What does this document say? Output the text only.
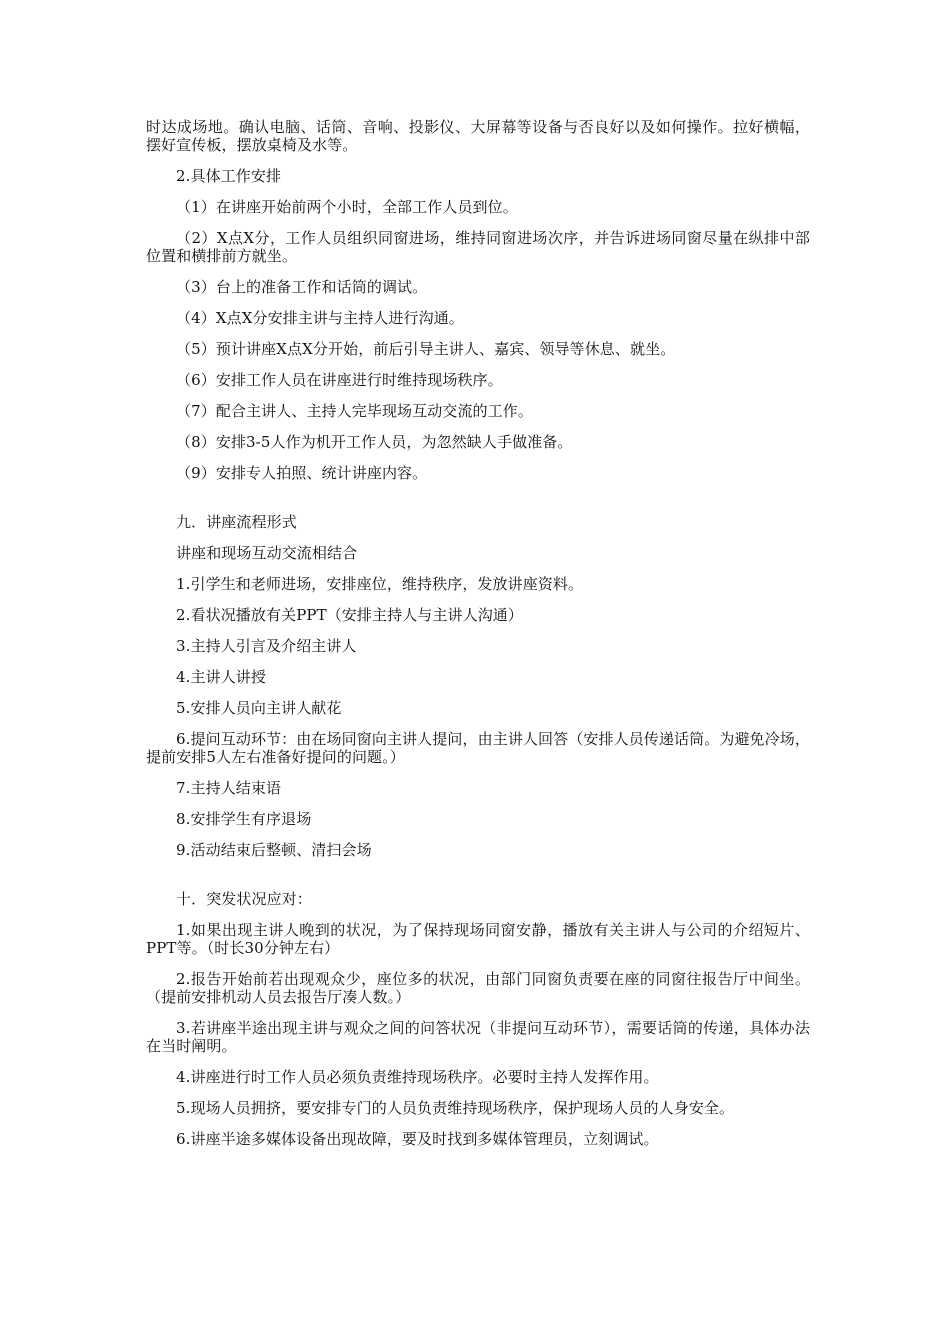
时达成场地。确认电脑、话筒、音响、投影仪、大屏幕等设备与否良好以及如何操作。拉好横幅，摆好宣传板，摆放桌椅及水等。

2.具体工作安排

（1）在讲座开始前两个小时，全部工作人员到位。

（2）X点X分，工作人员组织同窗进场，维持同窗进场次序，并告诉进场同窗尽量在纵排中部位置和横排前方就坐。

（3）台上的准备工作和话筒的调试。

（4）X点X分安排主讲与主持人进行沟通。

（5）预计讲座X点X分开始，前后引导主讲人、嘉宾、领导等休息、就坐。

（6）安排工作人员在讲座进行时维持现场秩序。

（7）配合主讲人、主持人完毕现场互动交流的工作。

（8）安排3-5人作为机开工作人员，为忽然缺人手做准备。

（9）安排专人拍照、统计讲座内容。

九．讲座流程形式

讲座和现场互动交流相结合

1.引学生和老师进场，安排座位，维持秩序，发放讲座资料。

2.看状况播放有关PPT（安排主持人与主讲人沟通）

3.主持人引言及介绍主讲人

4.主讲人讲授

5.安排人员向主讲人献花

6.提问互动环节：由在场同窗向主讲人提问，由主讲人回答（安排人员传递话筒。为避免冷场，提前安排5人左右准备好提问的问题。）

7.主持人结束语

8.安排学生有序退场

9.活动结束后整顿、清扫会场

十．突发状况应对：

1.如果出现主讲人晚到的状况，为了保持现场同窗安静，播放有关主讲人与公司的介绍短片、PPT等。（时长30分钟左右）

2.报告开始前若出现观众少，座位多的状况，由部门同窗负责要在座的同窗往报告厅中间坐。（提前安排机动人员去报告厅凑人数。）

3.若讲座半途出现主讲与观众之间的问答状况（非提问互动环节），需要话筒的传递，具体办法在当时阐明。

4.讲座进行时工作人员必须负责维持现场秩序。必要时主持人发挥作用。

5.现场人员拥挤，要安排专门的人员负责维持现场秩序，保护现场人员的人身安全。

6.讲座半途多媒体设备出现故障，要及时找到多媒体管理员，立刻调试。
